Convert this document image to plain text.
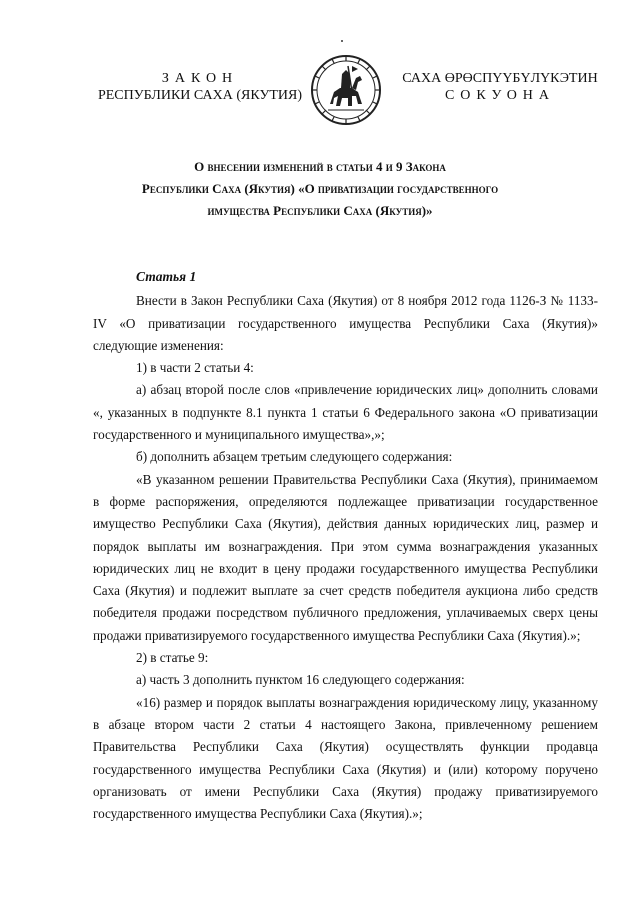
ЗАКОН
РЕСПУБЛИКИ САХА (ЯКУТИЯ)
САХА ӨРӨСПҮҮБҮЛҮКЭТИН
СОКУОНА
О внесении изменений в статьи 4 и 9 Закона
Республики Саха (Якутия) «О приватизации государственного
имущества Республики Саха (Якутия)»

Статья 1

Внести в Закон Республики Саха (Якутия) от 8 ноября 2012 года 1126-З № 1133-IV «О приватизации государственного имущества Республики Саха (Якутия)» следующие изменения:

1) в части 2 статьи 4:

а) абзац второй после слов «привлечение юридических лиц» дополнить словами «, указанных в подпункте 8.1 пункта 1 статьи 6 Федерального закона «О приватизации государственного и муниципального имущества»,»;

б) дополнить абзацем третьим следующего содержания:

«В указанном решении Правительства Республики Саха (Якутия), принимаемом в форме распоряжения, определяются подлежащее приватизации государственное имущество Республики Саха (Якутия), действия данных юридических лиц, размер и порядок выплаты им вознаграждения. При этом сумма вознаграждения указанных юридических лиц не входит в цену продажи государственного имущества Республики Саха (Якутия) и подлежит выплате за счет средств победителя аукциона либо средств победителя продажи посредством публичного предложения, уплачиваемых сверх цены продажи приватизируемого государственного имущества Республики Саха (Якутия).»;

2) в статье 9:

а) часть 3 дополнить пунктом 16 следующего содержания:

«16) размер и порядок выплаты вознаграждения юридическому лицу, указанному в абзаце втором части 2 статьи 4 настоящего Закона, привлеченному решением Правительства Республики Саха (Якутия) осуществлять функции продавца государственного имущества Республики Саха (Якутия) и (или) которому поручено организовать от имени Республики Саха (Якутия) продажу приватизируемого государственного имущества Республики Саха (Якутия).»;
